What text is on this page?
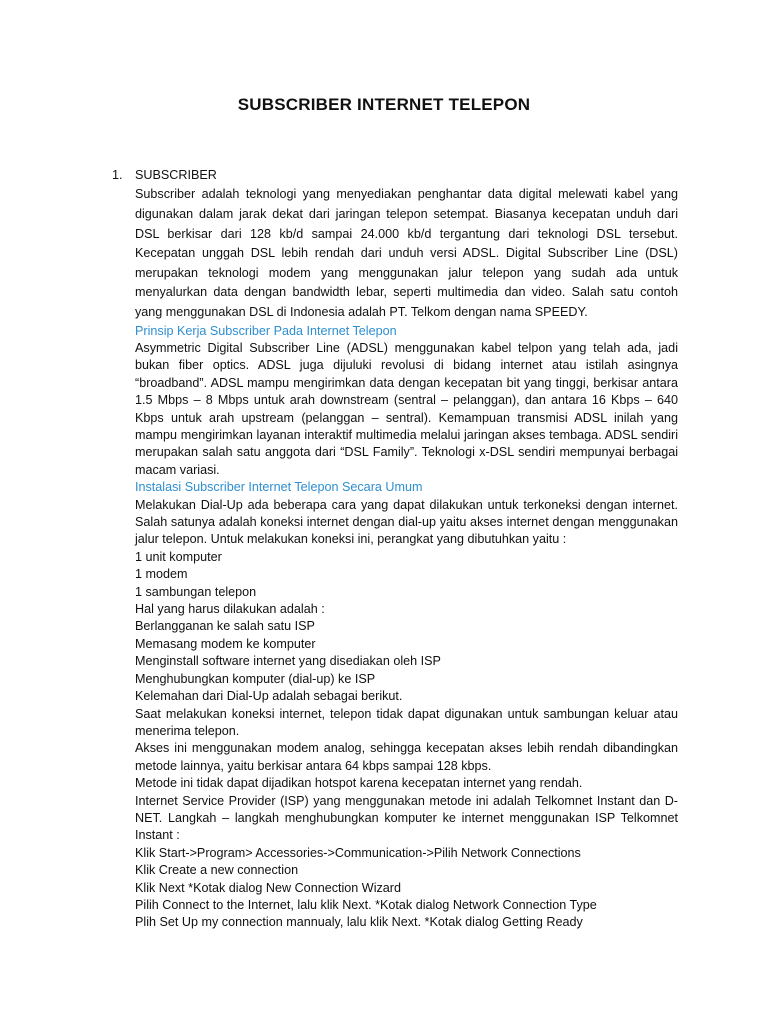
SUBSCRIBER INTERNET TELEPON
1. SUBSCRIBER

Subscriber adalah teknologi yang menyediakan penghantar data digital melewati kabel yang digunakan dalam jarak dekat dari jaringan telepon setempat. Biasanya kecepatan unduh dari DSL berkisar dari 128 kb/d sampai 24.000 kb/d tergantung dari teknologi DSL tersebut. Kecepatan unggah DSL lebih rendah dari unduh versi ADSL. Digital Subscriber Line (DSL) merupakan teknologi modem yang menggunakan jalur telepon yang sudah ada untuk menyalurkan data dengan bandwidth lebar, seperti multimedia dan video. Salah satu contoh yang menggunakan DSL di Indonesia adalah PT. Telkom dengan nama SPEEDY.

Prinsip Kerja Subscriber Pada Internet Telepon

Asymmetric Digital Subscriber Line (ADSL) menggunakan kabel telpon yang telah ada, jadi bukan fiber optics. ADSL juga dijuluki revolusi di bidang internet atau istilah asingnya “broadband”. ADSL mampu mengirimkan data dengan kecepatan bit yang tinggi, berkisar antara 1.5 Mbps – 8 Mbps untuk arah downstream (sentral – pelanggan), dan antara 16 Kbps – 640 Kbps untuk arah upstream (pelanggan – sentral). Kemampuan transmisi ADSL inilah yang mampu mengirimkan layanan interaktif multimedia melalui jaringan akses tembaga. ADSL sendiri merupakan salah satu anggota dari “DSL Family”. Teknologi x-DSL sendiri mempunyai berbagai macam variasi.

Instalasi Subscriber Internet Telepon Secara Umum

Melakukan Dial-Up ada beberapa cara yang dapat dilakukan untuk terkoneksi dengan internet. Salah satunya adalah koneksi internet dengan dial-up yaitu akses internet dengan menggunakan jalur telepon. Untuk melakukan koneksi ini, perangkat yang dibutuhkan yaitu :

1 unit komputer

1 modem

1 sambungan telepon

Hal yang harus dilakukan adalah :

Berlangganan ke salah satu ISP

Memasang modem ke komputer

Menginstall software internet yang disediakan oleh ISP

Menghubungkan komputer (dial-up) ke ISP

Kelemahan dari Dial-Up adalah sebagai berikut.

Saat melakukan koneksi internet, telepon tidak dapat digunakan untuk sambungan keluar atau menerima telepon.

Akses ini menggunakan modem analog, sehingga kecepatan akses lebih rendah dibandingkan metode lainnya, yaitu berkisar antara 64 kbps sampai 128 kbps.

Metode ini tidak dapat dijadikan hotspot karena kecepatan internet yang rendah.

Internet Service Provider (ISP) yang menggunakan metode ini adalah Telkomnet Instant dan D-NET. Langkah – langkah menghubungkan komputer ke internet menggunakan ISP Telkomnet Instant :

Klik Start->Program> Accessories->Communication->Pilih Network Connections

Klik Create a new connection

Klik Next *Kotak dialog New Connection Wizard

Pilih Connect to the Internet, lalu klik Next. *Kotak dialog Network Connection Type

Plih Set Up my connection mannualy, lalu klik Next. *Kotak dialog Getting Ready
